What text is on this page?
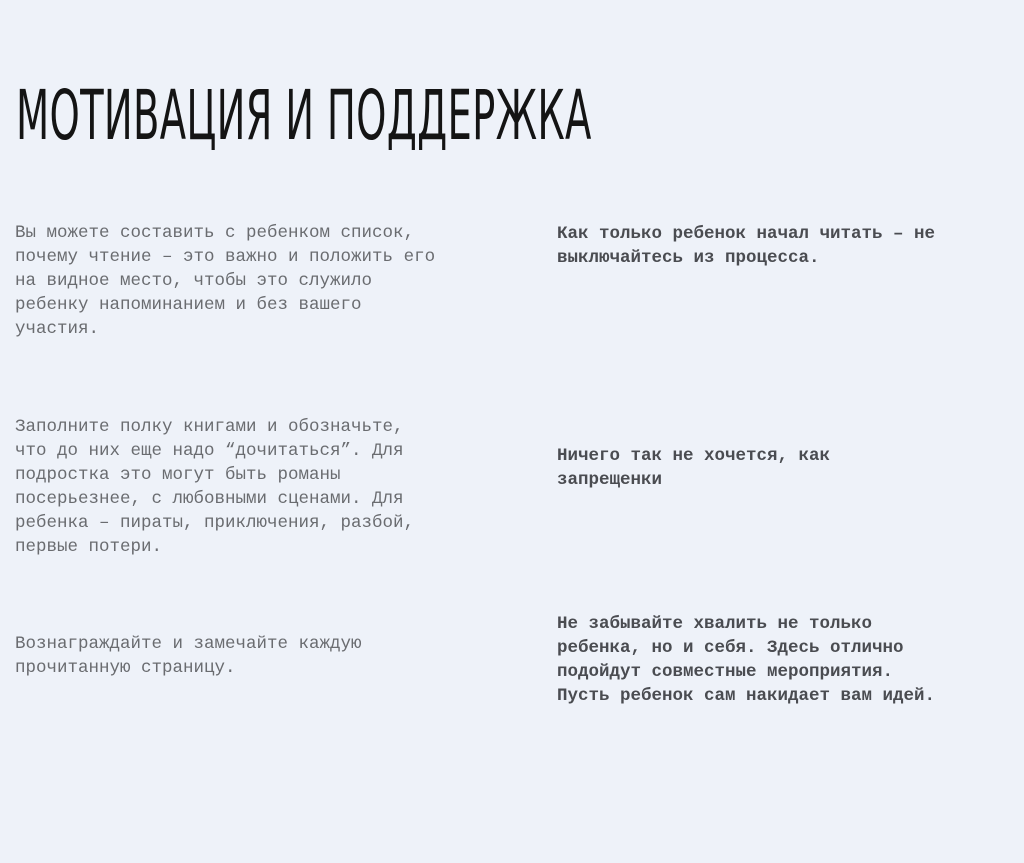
МОТИВАЦИЯ И ПОДДЕРЖКА

Вы можете составить с ребенком список,
почему чтение – это важно и положить его
на видное место, чтобы это служило
ребенку напоминанием и без вашего
участия.

Заполните полку книгами и обозначьте,
что до них еще надо “дочитаться”. Для
подростка это могут быть романы
посерьезнее, с любовными сценами. Для
ребенка – пираты, приключения, разбой,
первые потери.

Вознаграждайте и замечайте каждую
прочитанную страницу.

Как только ребенок начал читать – не
выключайтесь из процесса.

Ничего так не хочется, как
запрещенки

Не забывайте хвалить не только
ребенка, но и себя. Здесь отлично
подойдут совместные мероприятия.
Пусть ребенок сам накидает вам идей.
